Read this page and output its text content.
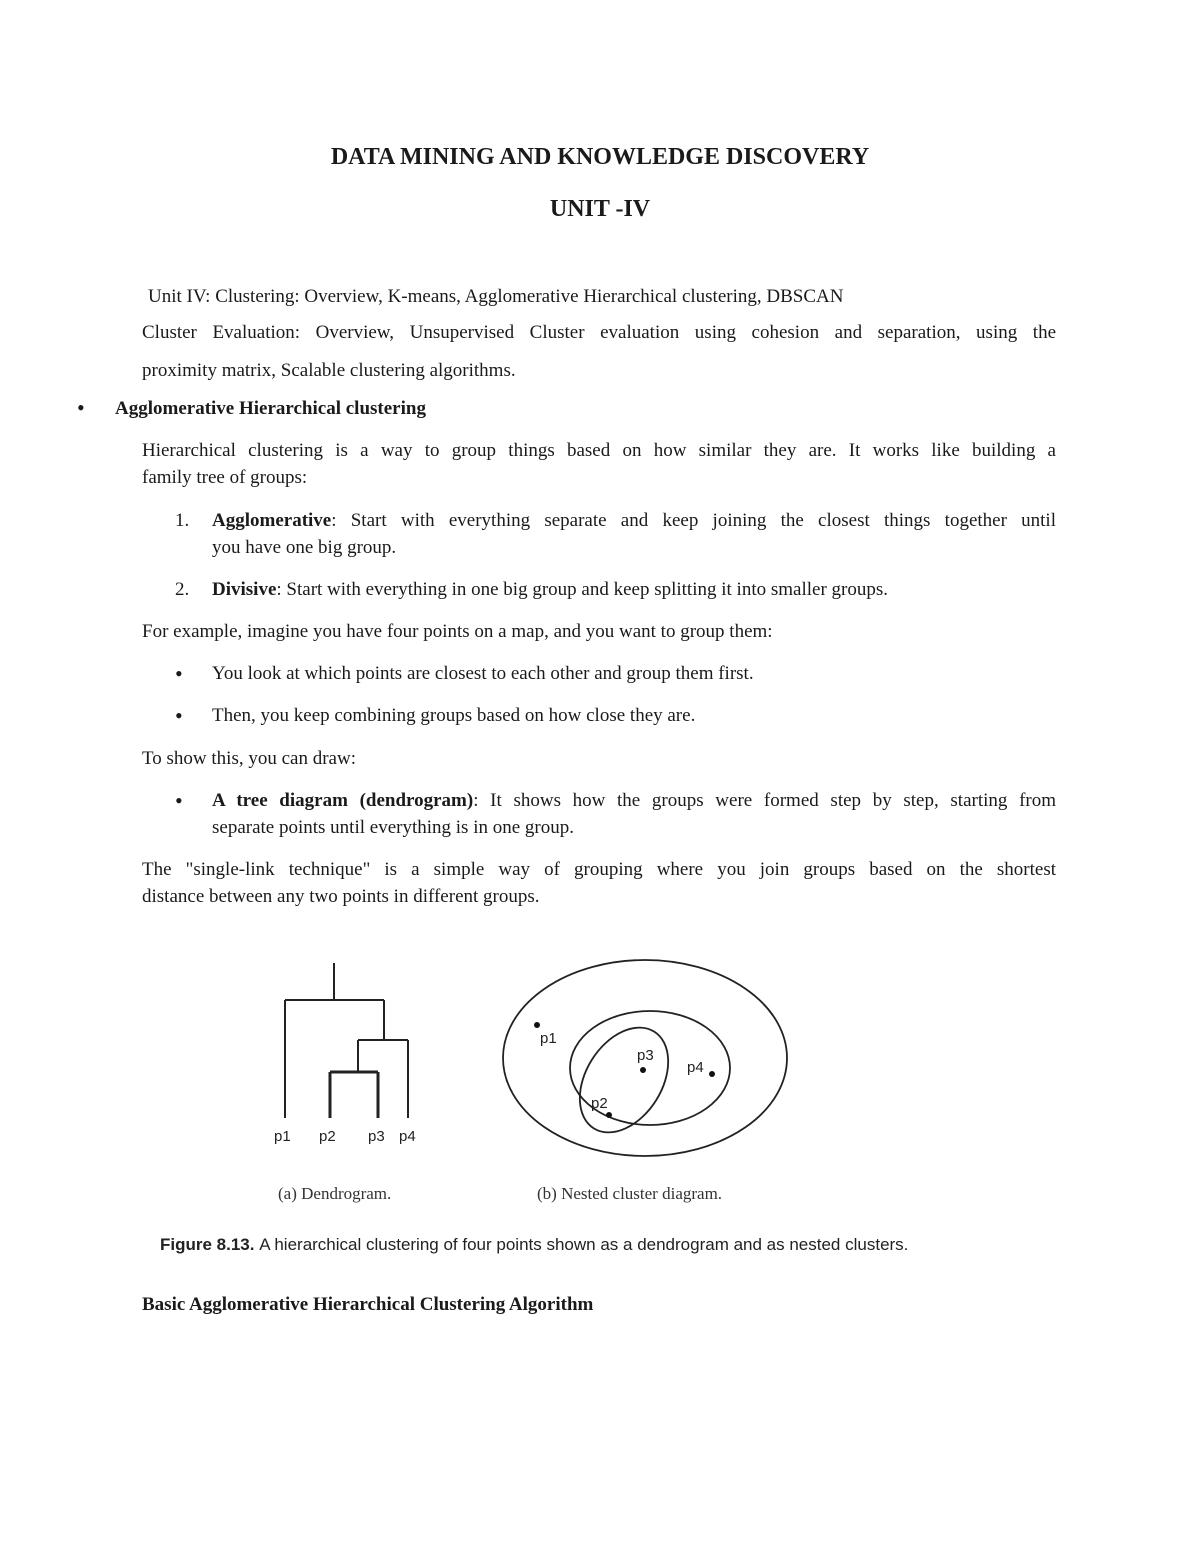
DATA MINING AND KNOWLEDGE DISCOVERY
UNIT -IV
Unit IV: Clustering: Overview, K-means, Agglomerative Hierarchical clustering, DBSCAN
Cluster Evaluation: Overview, Unsupervised Cluster evaluation using cohesion and separation, using the
proximity matrix, Scalable clustering algorithms.
• Agglomerative Hierarchical clustering
Hierarchical clustering is a way to group things based on how similar they are. It works like building a
family tree of groups:
1. Agglomerative: Start with everything separate and keep joining the closest things together until
you have one big group.
2. Divisive: Start with everything in one big group and keep splitting it into smaller groups.
For example, imagine you have four points on a map, and you want to group them:
• You look at which points are closest to each other and group them first.
• Then, you keep combining groups based on how close they are.
To show this, you can draw:
• A tree diagram (dendrogram): It shows how the groups were formed step by step, starting from
separate points until everything is in one group.
The "single-link technique" is a simple way of grouping where you join groups based on the shortest
distance between any two points in different groups.
p1 p2 p3 p4
p1
p2
p3
p4
(a) Dendrogram.	(b) Nested cluster diagram.
Figure 8.13. A hierarchical clustering of four points shown as a dendrogram and as nested clusters.
Basic Agglomerative Hierarchical Clustering Algorithm
